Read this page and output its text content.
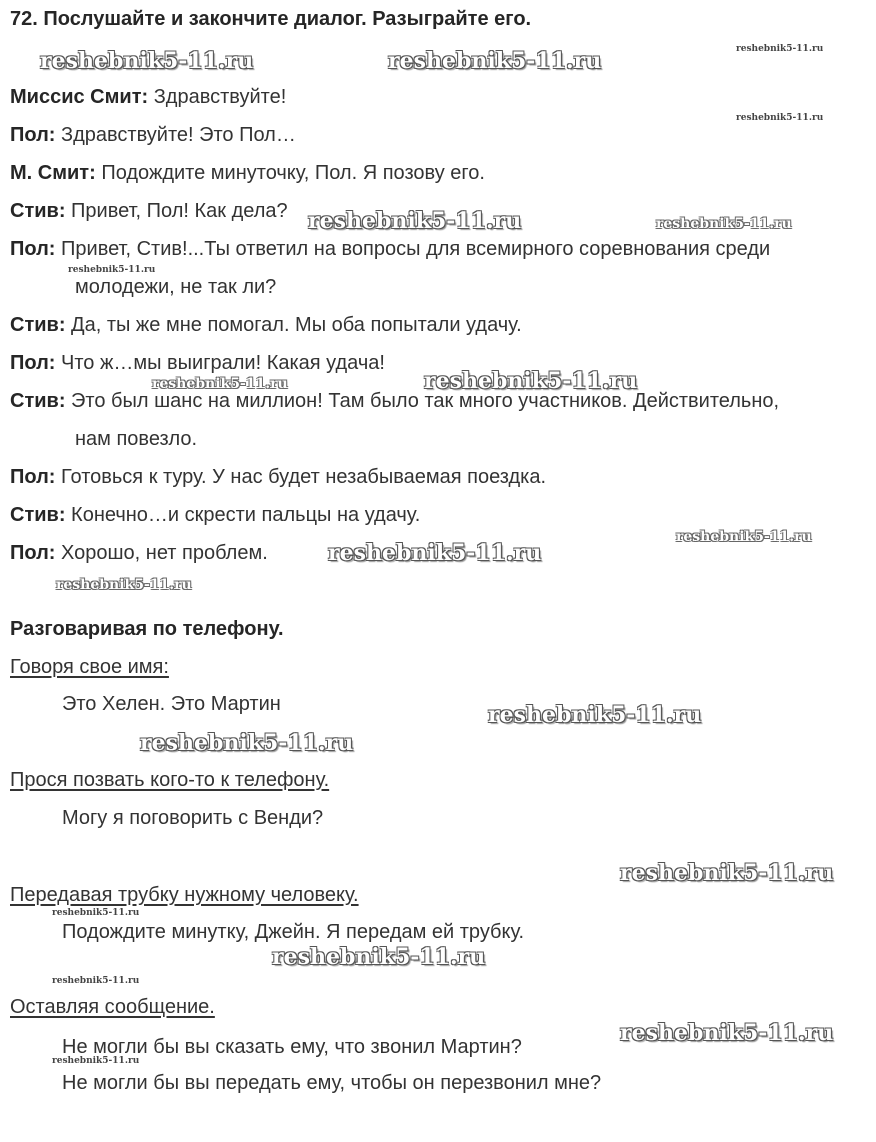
72. Послушайте и закончите диалог. Разыграйте его.
Миссис Смит: Здравствуйте!
Пол: Здравствуйте! Это Пол…
М. Смит: Подождите минуточку, Пол. Я позову его.
Стив: Привет, Пол! Как дела?
Пол: Привет, Стив!...Ты ответил на вопросы для всемирного соревнования среди
молодежи, не так ли?
Стив: Да, ты же мне помогал. Мы оба попытали удачу.
Пол: Что ж…мы выиграли! Какая удача!
Стив: Это был шанс на миллион! Там было так много участников. Действительно,
нам повезло.
Пол: Готовься к туру. У нас будет незабываемая поездка.
Стив: Конечно…и скрести пальцы на удачу.
Пол: Хорошо, нет проблем.
Разговаривая по телефону.
Говоря свое имя:
Это Хелен. Это Мартин
Прося позвать кого-то к телефону.
Могу я поговорить с Венди?
Передавая трубку нужному человеку.
Подождите минутку, Джейн. Я передам ей трубку.
Оставляя сообщение.
Не могли бы вы сказать ему, что звонил Мартин?
Не могли бы вы передать ему, чтобы он перезвонил мне?
reshebnik5-11.ru	reshebnik5-11.ru	reshebnik5-11.ru
reshebnik5-11.ru
reshebnik5-11.ru	reshebnik5-11.ru
reshebnik5-11.ru
reshebnik5-11.ru	reshebnik5-11.ru
reshebnik5-11.ru
reshebnik5-11.ru
reshebnik5-11.ru
reshebnik5-11.ru
reshebnik5-11.ru
reshebnik5-11.ru
reshebnik5-11.ru
reshebnik5-11.ru
reshebnik5-11.ru
reshebnik5-11.ru
reshebnik5-11.ru
